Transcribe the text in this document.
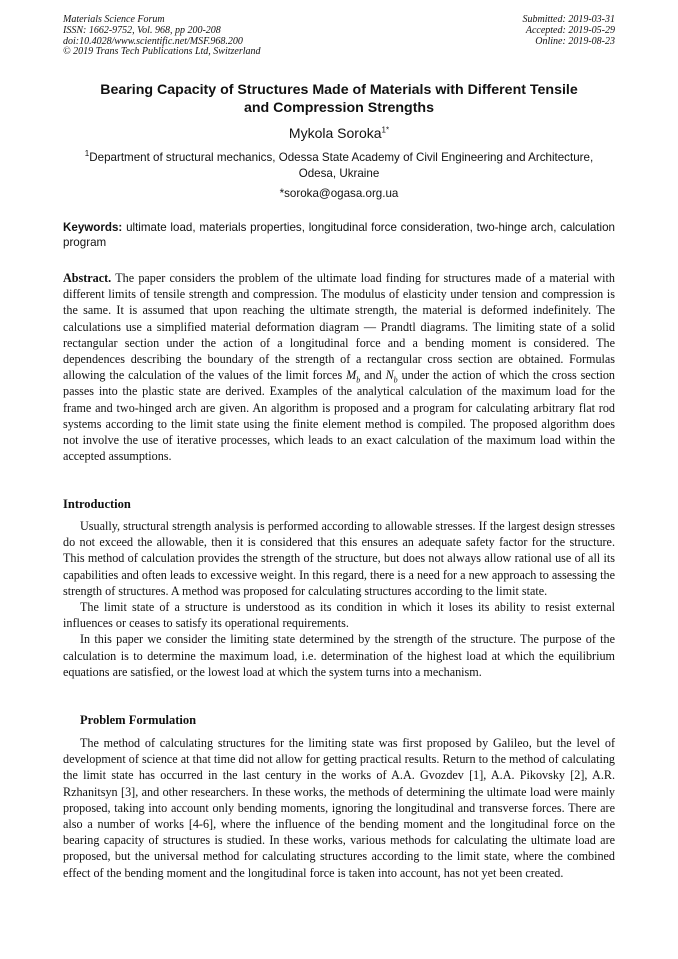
Materials Science Forum
ISSN: 1662-9752, Vol. 968, pp 200-208
doi:10.4028/www.scientific.net/MSF.968.200
© 2019 Trans Tech Publications Ltd, Switzerland
Submitted: 2019-03-31
Accepted: 2019-05-29
Online: 2019-08-23
Bearing Capacity of Structures Made of Materials with Different Tensile
and Compression Strengths
Mykola Soroka$^{1*}$
$^1$Department of structural mechanics, Odessa State Academy of Civil Engineering and Architecture, Odesa, Ukraine
*soroka@ogasa.org.ua
Keywords: ultimate load, materials properties, longitudinal force consideration, two-hinge arch, calculation program
Abstract. The paper considers the problem of the ultimate load finding for structures made of a material with different limits of tensile strength and compression. The modulus of elasticity under tension and compression is the same. It is assumed that upon reaching the ultimate strength, the material is deformed indefinitely. The calculations use a simplified material deformation diagram — Prandtl diagrams. The limiting state of a solid rectangular section under the action of a longitudinal force and a bending moment is considered. The dependences describing the boundary of the strength of a rectangular cross section are obtained. Formulas allowing the calculation of the values of the limit forces $M_b$ and $N_b$ under the action of which the cross section passes into the plastic state are derived. Examples of the analytical calculation of the maximum load for the frame and two-hinged arch are given. An algorithm is proposed and a program for calculating arbitrary flat rod systems according to the limit state using the finite element method is compiled. The proposed algorithm does not involve the use of iterative processes, which leads to an exact calculation of the maximum load within the accepted assumptions.
Introduction

Usually, structural strength analysis is performed according to allowable stresses. If the largest design stresses do not exceed the allowable, then it is considered that this ensures an adequate safety factor for the structure. This method of calculation provides the strength of the structure, but does not always allow rational use of all its capabilities and often leads to excessive weight. In this regard, there is a need for a new approach to assessing the strength of structures. A method was proposed for calculating structures according to the limit state.

The limit state of a structure is understood as its condition in which it loses its ability to resist external influences or ceases to satisfy its operational requirements.

In this paper we consider the limiting state determined by the strength of the structure. The purpose of the calculation is to determine the maximum load, i.e. determination of the highest load at which the equilibrium equations are satisfied, or the lowest load at which the system turns into a mechanism.

Problem Formulation

The method of calculating structures for the limiting state was first proposed by Galileo, but the level of development of science at that time did not allow for getting practical results. Return to the method of calculating the limit state has occurred in the last century in the works of A.A. Gvozdev [1], A.A. Pikovsky [2], A.R. Rzhanitsyn [3], and other researchers. In these works, the methods of determining the ultimate load were mainly proposed, taking into account only bending moments, ignoring the longitudinal and transverse forces. There are also a number of works [4-6], where the influence of the bending moment and the longitudinal force on the bearing capacity of structures is studied. In these works, various methods for calculating the ultimate load are proposed, but the universal method for calculating structures according to the limit state, where the combined effect of the bending moment and the longitudinal force is taken into account, has not yet been created.
